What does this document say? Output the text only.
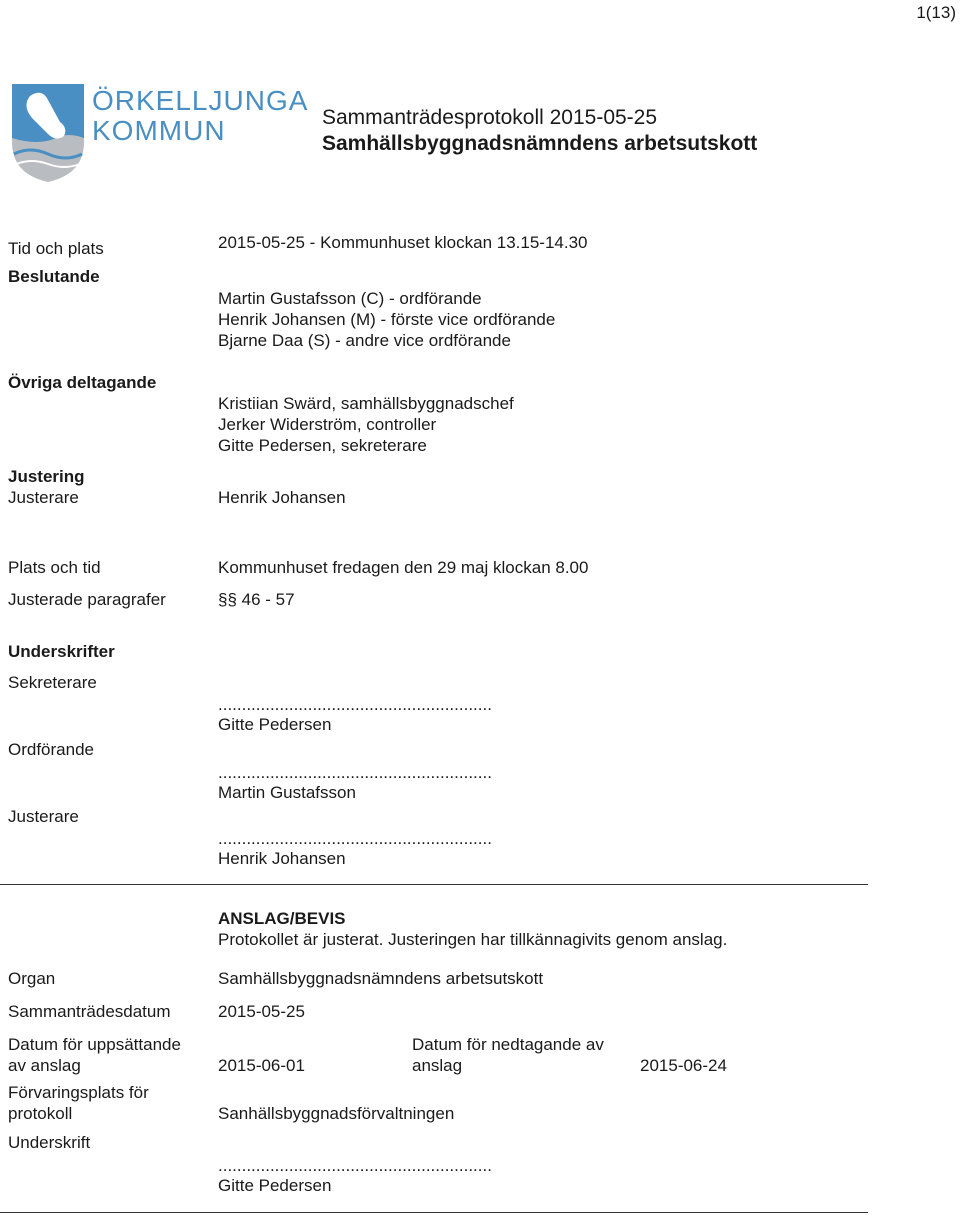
1(13)
ÖRKELLJUNGA
KOMMUN	Sammanträdesprotokoll 2015-05-25
Samhällsbyggnadsnämndens arbetsutskott
Tid och plats	2015-05-25 - Kommunhuset klockan 13.15-14.30
Beslutande
Martin Gustafsson (C) - ordförande
Henrik Johansen (M) - förste vice ordförande
Bjarne Daa (S) - andre vice ordförande
Övriga deltagande
Kristiian Swärd, samhällsbyggnadschef
Jerker Widerström, controller
Gitte Pedersen, sekreterare
Justering
Justerare	Henrik Johansen
Plats och tid	Kommunhuset fredagen den 29 maj klockan 8.00
Justerade paragrafer	§§ 46 - 57
Underskrifter
Sekreterare
..........................................................
Gitte Pedersen
Ordförande
..........................................................
Martin Gustafsson
Justerare
..........................................................
Henrik Johansen
ANSLAG/BEVIS
Protokollet är justerat. Justeringen har tillkännagivits genom anslag.
Organ	Samhällsbyggnadsnämndens arbetsutskott
Sammanträdesdatum	2015-05-25
Datum för uppsättande
av anslag	2015-06-01
Datum för nedtagande av
anslag	2015-06-24
Förvaringsplats för
protokoll	Sanhällsbyggnadsförvaltningen
Underskrift
..........................................................
Gitte Pedersen
